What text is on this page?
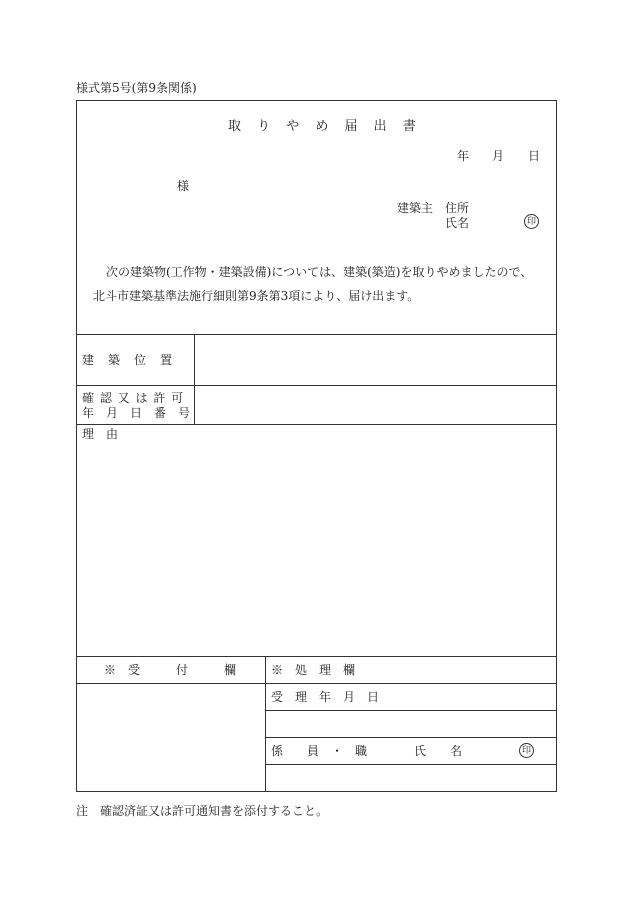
様式第5号(第9条関係)
取 り や め 届 出 書
年 月 日
様
建築主 住所
氏名	印
次の建築物(工作物・建築設備)については、建築(築造)を取りやめましたので、
北斗市建築基準法施行細則第9条第3項により、届け出ます。
建　築　位　置
確 認 又 は 許 可
年　月　日　番　号
理　由
※　受　　　付　　　欄	※　処　理　欄
受　理　年　月　日
係　　員　・　職	氏　　名	印
注　確認済証又は許可通知書を添付すること。
